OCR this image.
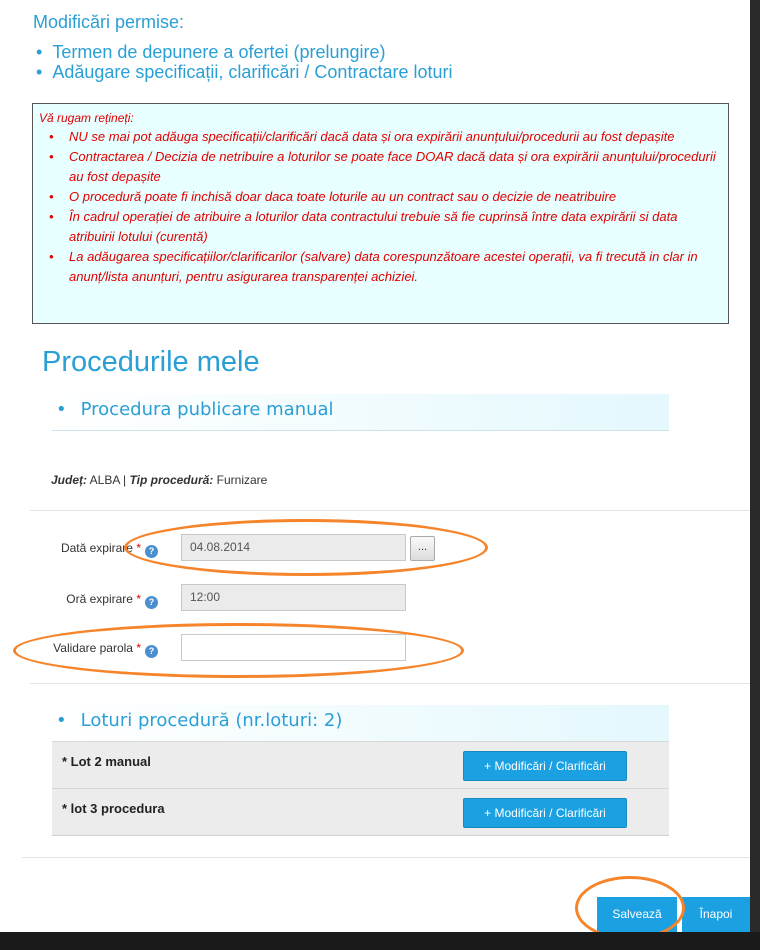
Modificări permise:
• Termen de depunere a ofertei (prelungire)
• Adăugare specificații, clarificări / Contractare loturi
Vă rugam rețineți:
• NU se mai pot adăuga specificații/clarificări dacă data și ora expirării anunțului/procedurii au fost depașite
• Contractarea / Decizia de netribuire a loturilor se poate face DOAR dacă data și ora expirării anunțului/procedurii au fost depașite
• O procedură poate fi inchisă doar daca toate loturile au un contract sau o decizie de neatribuire
• În cadrul operației de atribuire a loturilor data contractului trebuie să fie cuprinsă între data expirării si data atribuirii lotului (curentă)
• La adăugarea specificațiilor/clarificarilor (salvare) data corespunzătoare acestei operații, va fi trecută in clar in anunț/lista anunțuri, pentru asigurarea transparenței achiziei.
Procedurile mele
• Procedura publicare manual
Județ: ALBA | Tip procedură: Furnizare
Dată expirare * ?	04.08.2014	...
Oră expirare * ?	12:00
Validare parola * ?
• Loturi procedură (nr.loturi: 2)
* Lot 2 manual	+ Modificări / Clarificări
* lot 3 procedura	+ Modificări / Clarificări
Salvează	Înapoi
